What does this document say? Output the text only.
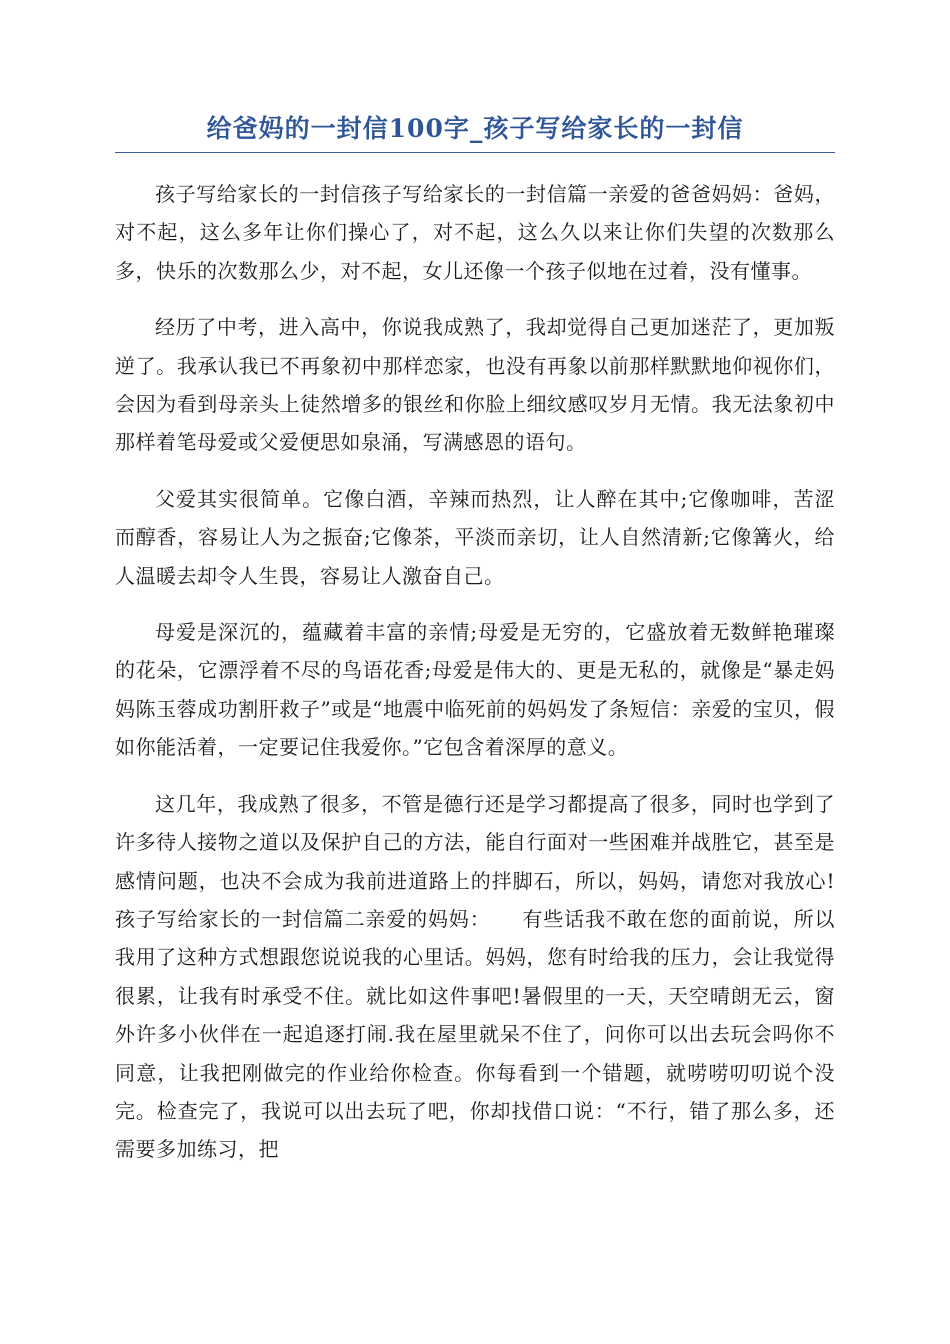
给爸妈的一封信100字_孩子写给家长的一封信

孩子写给家长的一封信孩子写给家长的一封信篇一亲爱的爸爸妈妈：爸妈，对不起，这么多年让你们操心了，对不起，这么久以来让你们失望的次数那么多，快乐的次数那么少，对不起，女儿还像一个孩子似地在过着，没有懂事。

经历了中考，进入高中，你说我成熟了，我却觉得自己更加迷茫了，更加叛逆了。我承认我已不再象初中那样恋家，也没有再象以前那样默默地仰视你们，会因为看到母亲头上徒然增多的银丝和你脸上细纹感叹岁月无情。我无法象初中那样着笔母爱或父爱便思如泉涌，写满感恩的语句。

父爱其实很简单。它像白酒，辛辣而热烈，让人醉在其中;它像咖啡，苦涩而醇香，容易让人为之振奋;它像茶，平淡而亲切，让人自然清新;它像篝火，给人温暖去却令人生畏，容易让人激奋自己。

母爱是深沉的，蕴藏着丰富的亲情;母爱是无穷的，它盛放着无数鲜艳璀璨的花朵，它漂浮着不尽的鸟语花香;母爱是伟大的、更是无私的，就像是“暴走妈妈陈玉蓉成功割肝救子”或是“地震中临死前的妈妈发了条短信：亲爱的宝贝，假如你能活着，一定要记住我爱你。”它包含着深厚的意义。

这几年，我成熟了很多，不管是德行还是学习都提高了很多，同时也学到了许多待人接物之道以及保护自己的方法，能自行面对一些困难并战胜它，甚至是感情问题，也决不会成为我前进道路上的拌脚石，所以，妈妈，请您对我放心!孩子写给家长的一封信篇二亲爱的妈妈：　　有些话我不敢在您的面前说，所以我用了这种方式想跟您说说我的心里话。妈妈，您有时给我的压力，会让我觉得很累，让我有时承受不住。就比如这件事吧!暑假里的一天，天空晴朗无云，窗外许多小伙伴在一起追逐打闹.我在屋里就呆不住了，问你可以出去玩会吗你不同意，让我把刚做完的作业给你检查。你每看到一个错题，就唠唠叨叨说个没完。检查完了，我说可以出去玩了吧，你却找借口说：“不行，错了那么多，还需要多加练习，把
